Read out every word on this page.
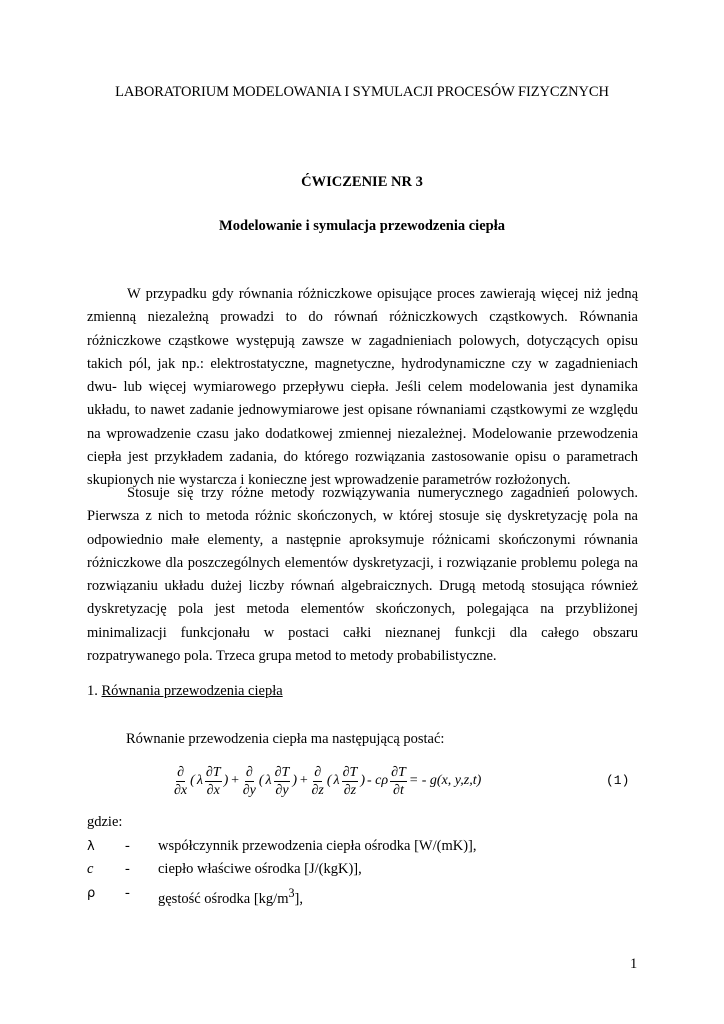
LABORATORIUM MODELOWANIA I SYMULACJI PROCESÓW FIZYCZNYCH
ĆWICZENIE NR 3
Modelowanie i symulacja przewodzenia ciepła

W przypadku gdy równania różniczkowe opisujące proces zawierają więcej niż jedną zmienną niezależną prowadzi to do równań różniczkowych cząstkowych. Równania różniczkowe cząstkowe występują zawsze w zagadnieniach polowych, dotyczących opisu takich pól, jak np.: elektrostatyczne, magnetyczne, hydrodynamiczne czy w zagadnieniach dwu- lub więcej wymiarowego przepływu ciepła. Jeśli celem modelowania jest dynamika układu, to nawet zadanie jednowymiarowe jest opisane równaniami cząstkowymi ze względu na wprowadzenie czasu jako dodatkowej zmiennej niezależnej. Modelowanie przewodzenia ciepła jest przykładem zadania, do którego rozwiązania zastosowanie opisu o parametrach skupionych nie wystarcza i konieczne jest wprowadzenie parametrów rozłożonych.

Stosuje się trzy różne metody rozwiązywania numerycznego zagadnień polowych. Pierwsza z nich to metoda różnic skończonych, w której stosuje się dyskretyzację pola na odpowiednio małe elementy, a następnie aproksymuje różnicami skończonymi równania różniczkowe dla poszczególnych elementów dyskretyzacji, i rozwiązanie problemu polega na rozwiązaniu układu dużej liczby równań algebraicznych. Drugą metodą stosująca również dyskretyzację pola jest metoda elementów skończonych, polegająca na przybliżonej minimalizacji funkcjonału w postaci całki nieznanej funkcji dla całego obszaru rozpatrywanego pola. Trzeca grupa metod to metody probabilistyczne.

1. Równania przewodzenia ciepła
Równanie przewodzenia ciepła ma następującą postać:
$\frac{\partial}{\partial x}$ ( λ $\frac{\partial T}{\partial x}$ ) + $\frac{\partial}{\partial y}$ ( λ $\frac{\partial T}{\partial y}$ ) + $\frac{\partial}{\partial z}$ ( λ $\frac{\partial T}{\partial z}$ ) - cρ $\frac{\partial T}{\partial t}$ = - g(x, y,z,t)	(1)
gdzie:
λ	-	współczynnik przewodzenia ciepła ośrodka [W/(mK)],
c	-	ciepło właściwe ośrodka [J/(kgK)],
ρ	-	gęstość ośrodka $[kg/m^3]$,
1
